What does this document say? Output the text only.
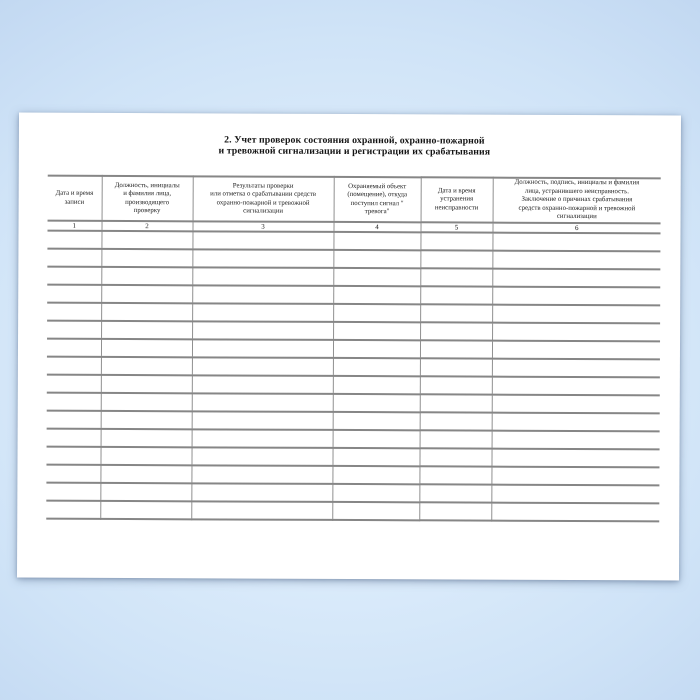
2. Учет проверок состояния охранной, охранно-пожарной
и тревожной сигнализации и регистрации их срабатывания
Дата и время
записи	Должность, инициалы
и фамилия лица,
производящего
проверку	Результаты проверки
или отметка о срабатывании средств
охранно-пожарной и тревожной
сигнализации	Охраняемый объект
(помещение), откуда
поступил сигнал "
тревога"	Дата и время
устранения
неисправности	Должность, подпись, инициалы и фамилия
лица, устранившего неисправность.
Заключение о причинах срабатывания
средств охранно-пожарной и тревожной
сигнализации
1	2	3	4	5	6
